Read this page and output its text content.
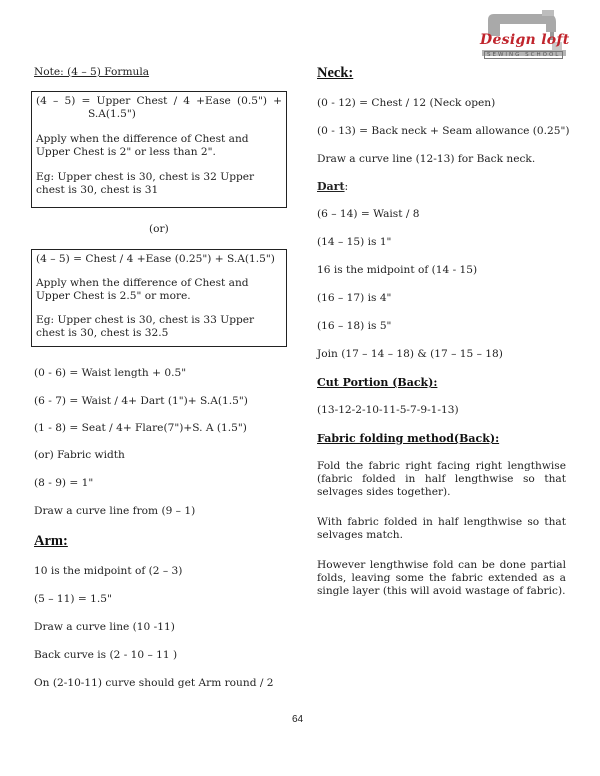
Design loft
SEWING SCHOOL
Note: (4 – 5) Formula

(4 – 5) = Upper Chest / 4 +Ease (0.5") +

S.A(1.5")

Apply when the difference of Chest and Upper Chest is 2" or less than 2".

Eg: Upper chest is 30, chest is 32 Upper chest is 30, chest is 31

(or)

(4 – 5) = Chest / 4 +Ease (0.25") + S.A(1.5")

Apply when the difference of Chest and Upper Chest is 2.5" or more.

Eg: Upper chest is 30, chest is 33 Upper chest is 30, chest is 32.5

(0 - 6) = Waist length + 0.5"
(6 - 7) = Waist / 4+ Dart (1")+ S.A(1.5")
(1 - 8) = Seat / 4+ Flare(7")+S. A (1.5")
(or) Fabric width
(8 - 9) = 1"
Draw a curve line from (9 – 1)
Arm:
10 is the midpoint of (2 – 3)
(5 – 11) = 1.5"
Draw a curve line (10 -11)
Back curve is (2 - 10 – 11 )
On (2-10-11) curve should get Arm round / 2
Neck:
(0 - 12) = Chest / 12 (Neck open)
(0 - 13) = Back neck + Seam allowance (0.25")
Draw a curve line (12-13) for Back neck.
Dart:
(6 – 14) = Waist / 8
(14 – 15) is 1"
16 is the midpoint of (14 - 15)
(16 – 17) is 4"
(16 – 18) is 5"
Join (17 – 14 – 18) & (17 – 15 – 18)
Cut Portion (Back):
(13-12-2-10-11-5-7-9-1-13)
Fabric folding method(Back):
Fold the fabric right facing right lengthwise (fabric folded in half lengthwise so that selvages sides together).
With fabric folded in half lengthwise so that selvages match.
However lengthwise fold can be done partial folds, leaving some the fabric extended as a single layer (this will avoid wastage of fabric).
64
